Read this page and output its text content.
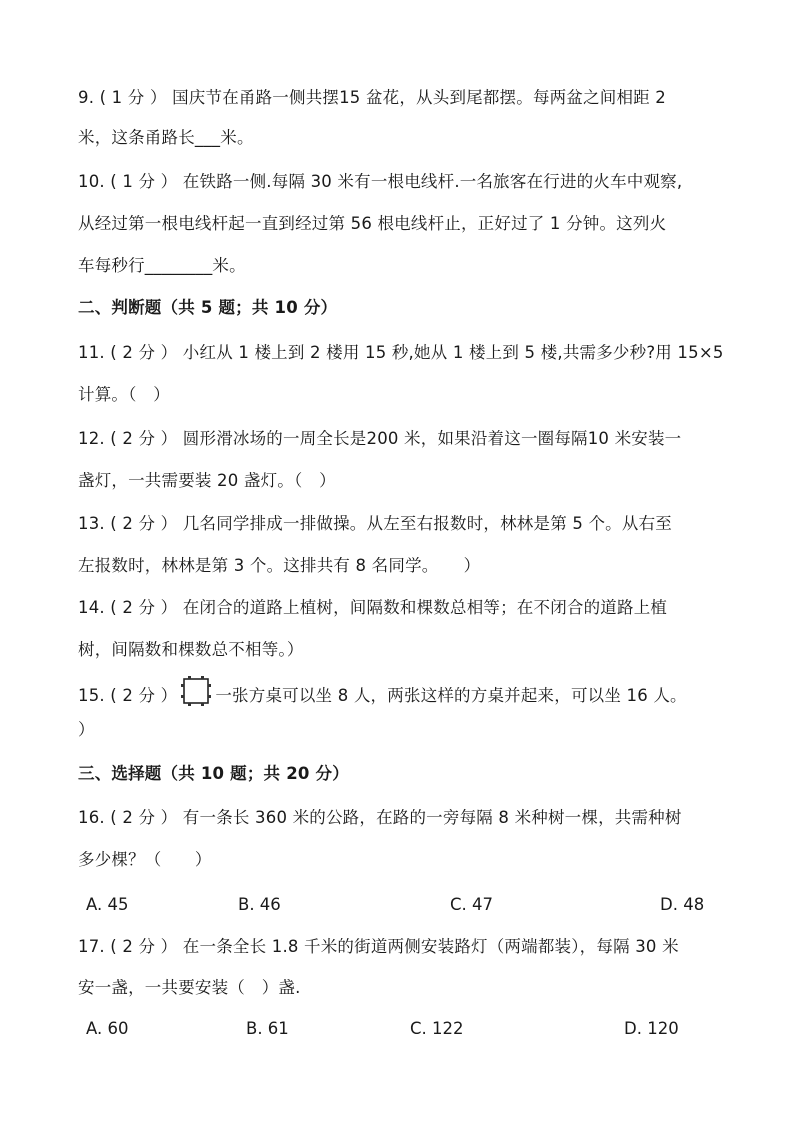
9. ( 1 分 ） 国庆节在甬路一侧共摆15 盆花，从头到尾都摆。每两盆之间相距 2
米，这条甬路长___米。
10. ( 1 分 ） 在铁路一侧.每隔 30 米有一根电线杆.一名旅客在行进的火车中观察,
从经过第一根电线杆起一直到经过第 56 根电线杆止，正好过了 1 分钟。这列火
车每秒行________米。
二、判断题（共 5 题；共 10 分）
11. ( 2 分 ） 小红从 1 楼上到 2 楼用 15 秒,她从 1 楼上到 5 楼,共需多少秒?用 15×5
计算。（　）
12. ( 2 分 ） 圆形滑冰场的一周全长是200 米，如果沿着这一圈每隔10 米安装一
盏灯，一共需要装 20 盏灯。（　）
13. ( 2 分 ） 几名同学排成一排做操。从左至右报数时，林林是第 5 个。从右至
左报数时，林林是第 3 个。这排共有 8 名同学。　　）
14. ( 2 分 ） 在闭合的道路上植树，间隔数和棵数总相等；在不闭合的道路上植
树，间隔数和棵数总不相等。）
15. ( 2 分 ） 一张方桌可以坐 8 人，两张这样的方桌并起来，可以坐 16 人。
）
三、选择题（共 10 题；共 20 分）
16. ( 2 分 ） 有一条长 360 米的公路，在路的一旁每隔 8 米种树一棵，共需种树
多少棵？（　　）
A. 45	B. 46	C. 47	D. 48
17. ( 2 分 ） 在一条全长 1.8 千米的街道两侧安装路灯（两端都装），每隔 30 米
安一盏，一共要安装（　）盏.
A. 60	B. 61	C. 122	D. 120
